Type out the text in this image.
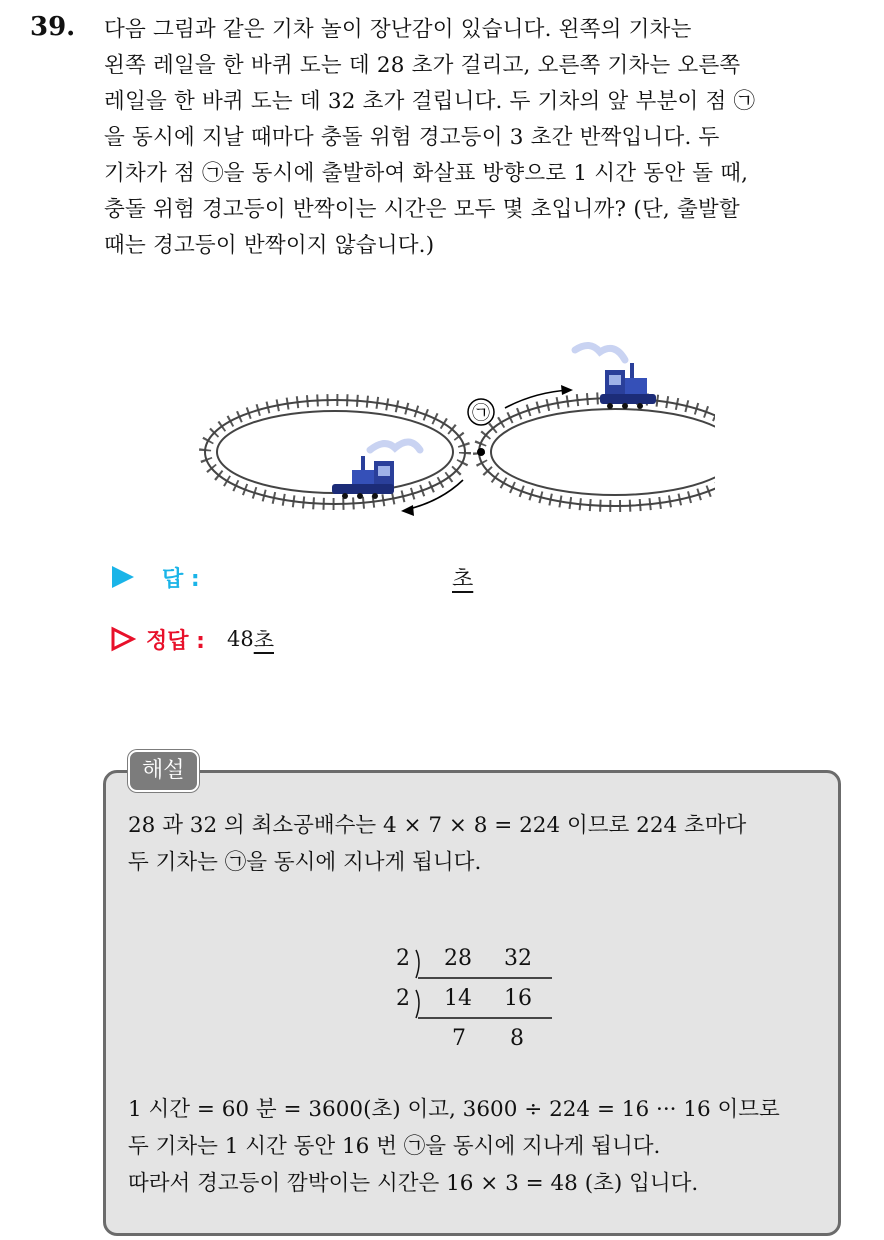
39. 다음 그림과 같은 기차 놀이 장난감이 있습니다. 왼쪽의 기차는
왼쪽 레일을 한 바퀴 도는 데 28 초가 걸리고, 오른쪽 기차는 오른쪽
레일을 한 바퀴 도는 데 32 초가 걸립니다. 두 기차의 앞 부분이 점 ㉠
을 동시에 지날 때마다 충돌 위험 경고등이 3 초간 반짝입니다. 두
기차가 점 ㉠을 동시에 출발하여 화살표 방향으로 1 시간 동안 돌 때,
충돌 위험 경고등이 반짝이는 시간은 모두 몇 초입니까? (단, 출발할
때는 경고등이 반짝이지 않습니다.)
㉠
답 :	초
정답 : 48 초
해설
28 과 32 의 최소공배수는 4 × 7 × 8 = 224 이므로 224 초마다
두 기차는 ㉠을 동시에 지나게 됩니다.
2 28 32
2 14 16
7 8
1 시간 = 60 분 = 3600(초) 이고, 3600 ÷ 224 = 16 ··· 16 이므로
두 기차는 1 시간 동안 16 번 ㉠을 동시에 지나게 됩니다.
따라서 경고등이 깜박이는 시간은 16 × 3 = 48 (초) 입니다.
